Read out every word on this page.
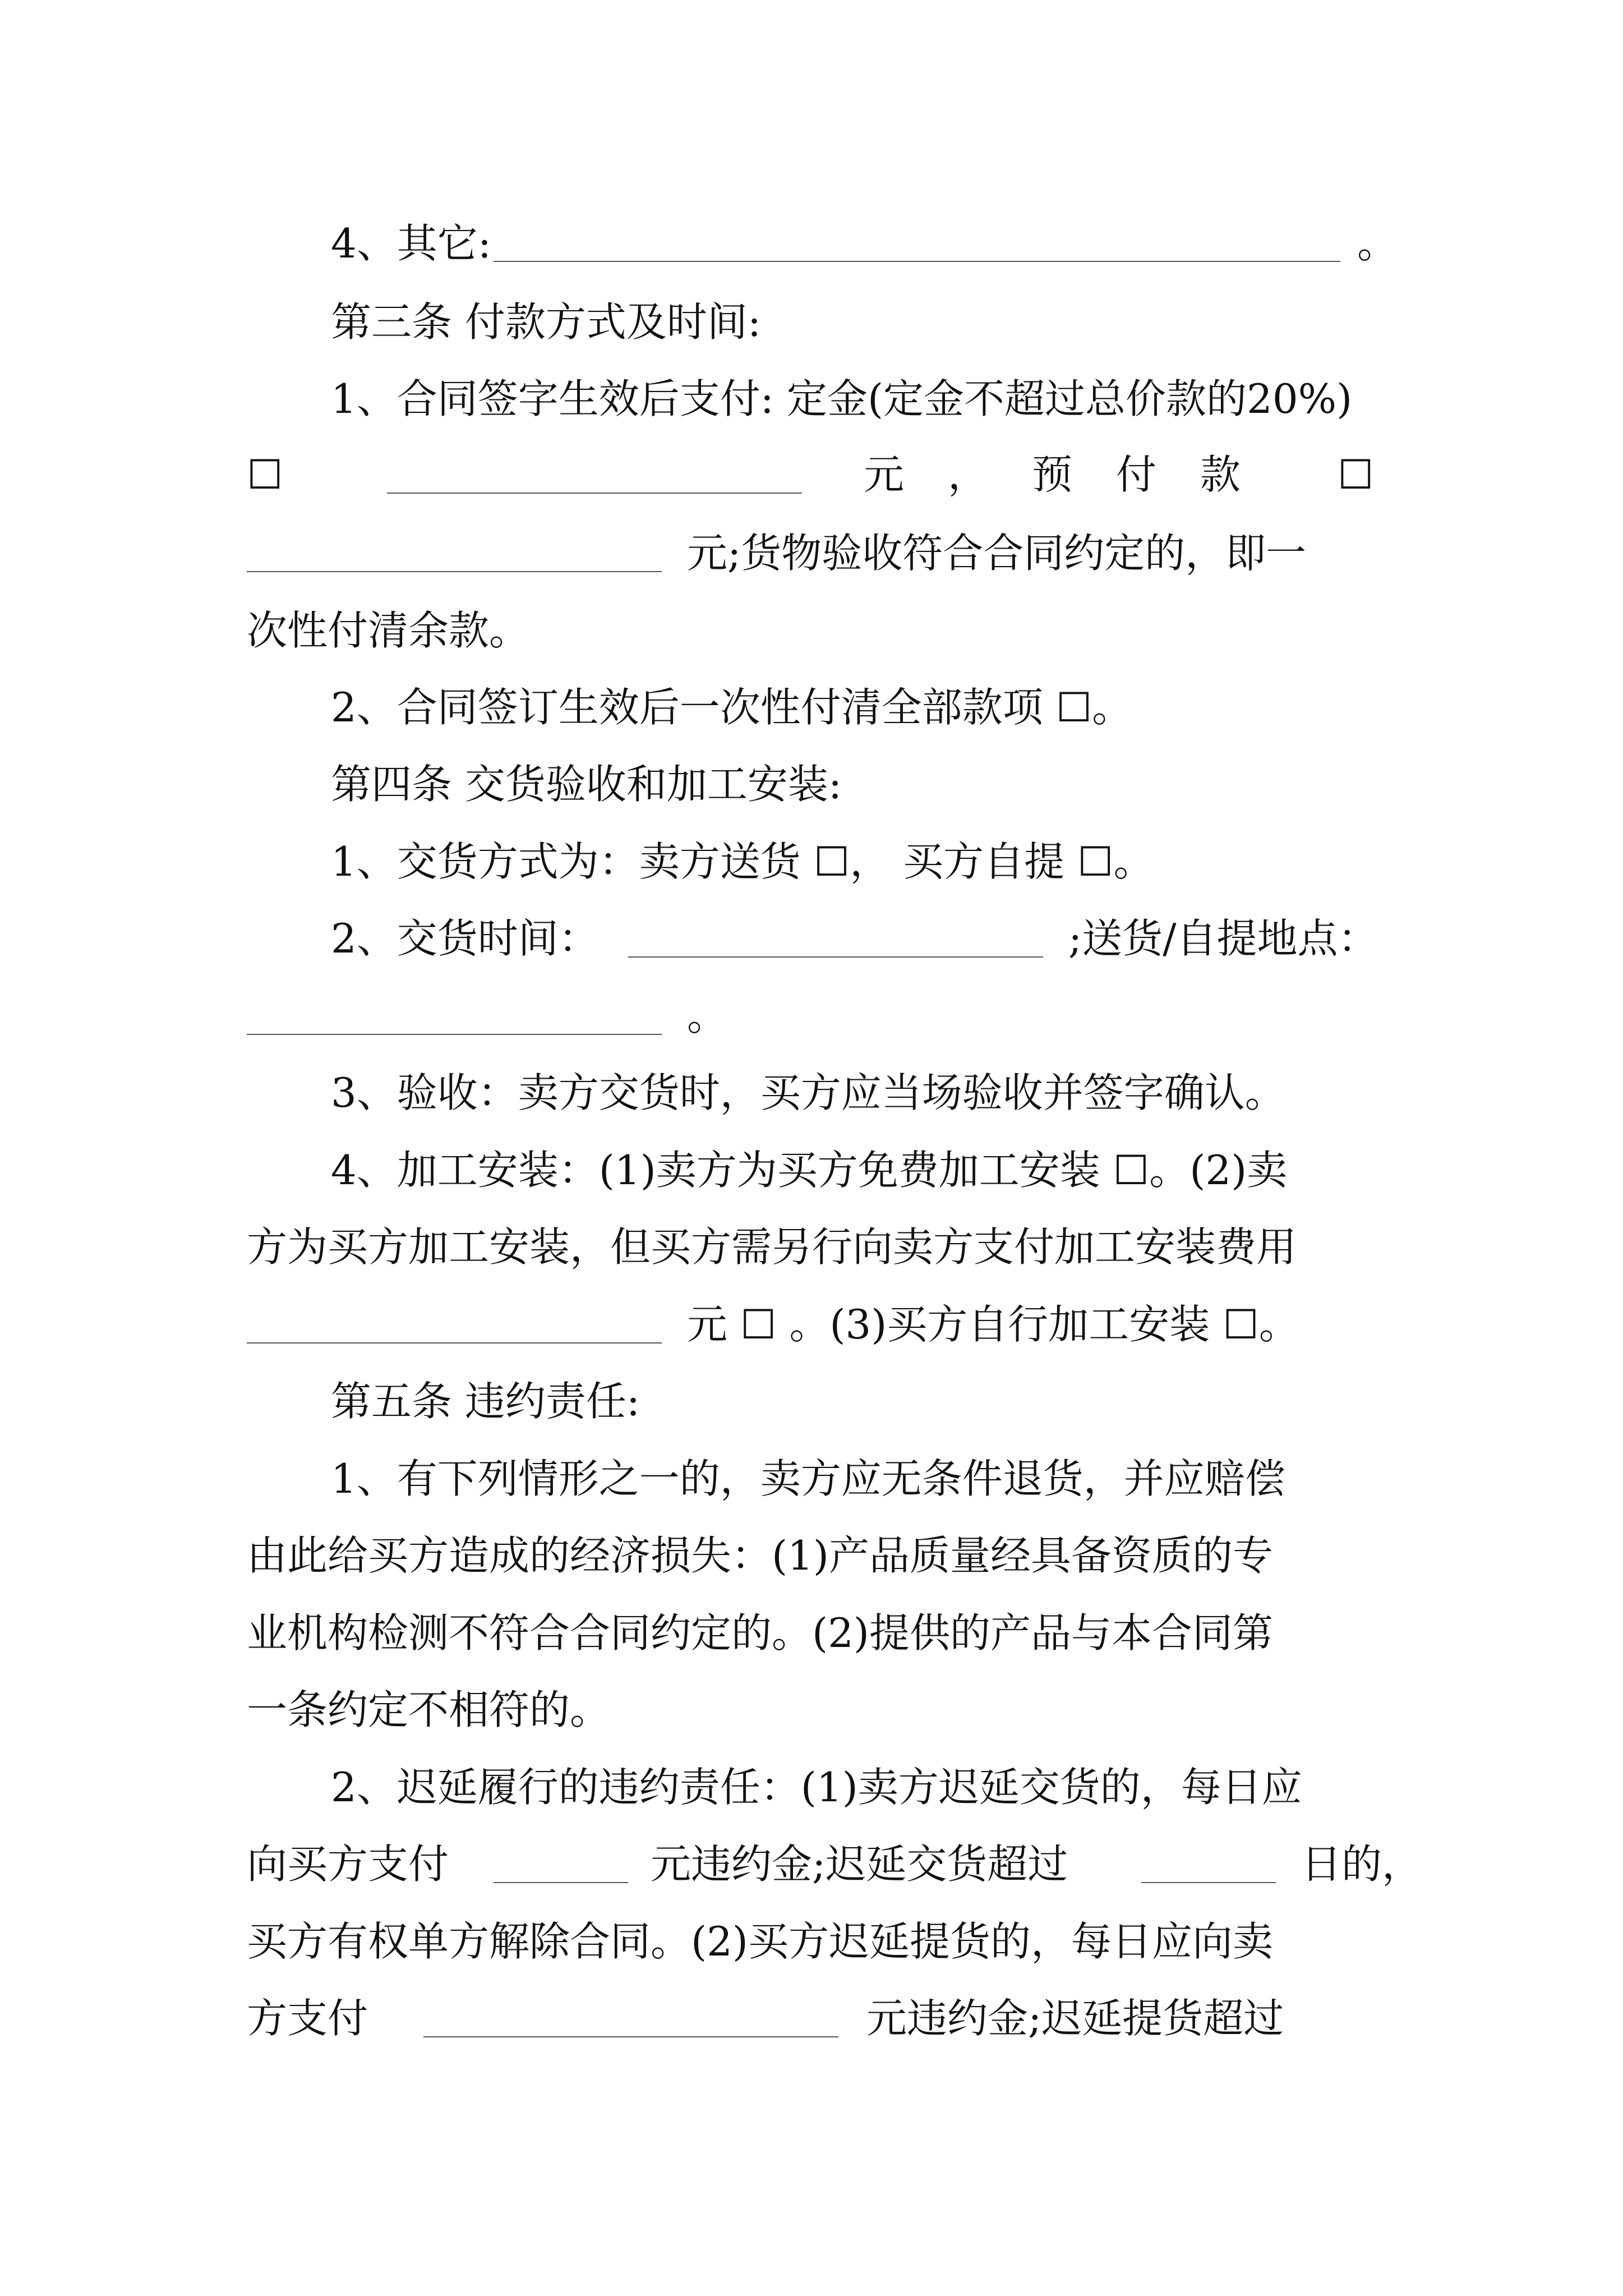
4、其它:	。
第三条 付款方式及时间:
1、合同签字生效后支付: 定金(定金不超过总价款的20%)
☐	元 ， 预 付 款 ☐
元;货物验收符合合同约定的，即一
次性付清余款。
2、合同签订生效后一次性付清全部款项 ☐。
第四条 交货验收和加工安装:
1、交货方式为：卖方送货 ☐， 买方自提 ☐。
2、交货时间：	;送货/自提地点：
。
3、验收：卖方交货时，买方应当场验收并签字确认。
4、加工安装：(1)卖方为买方免费加工安装 ☐。(2)卖
方为买方加工安装，但买方需另行向卖方支付加工安装费用
元 ☐ 。(3)买方自行加工安装 ☐。
第五条 违约责任:
1、有下列情形之一的，卖方应无条件退货，并应赔偿
由此给买方造成的经济损失：(1)产品质量经具备资质的专
业机构检测不符合合同约定的。(2)提供的产品与本合同第
一条约定不相符的。
2、迟延履行的违约责任：(1)卖方迟延交货的，每日应
向买方支付	元违约金;迟延交货超过	日的，
买方有权单方解除合同。(2)买方迟延提货的，每日应向卖
方支付	元违约金;迟延提货超过
